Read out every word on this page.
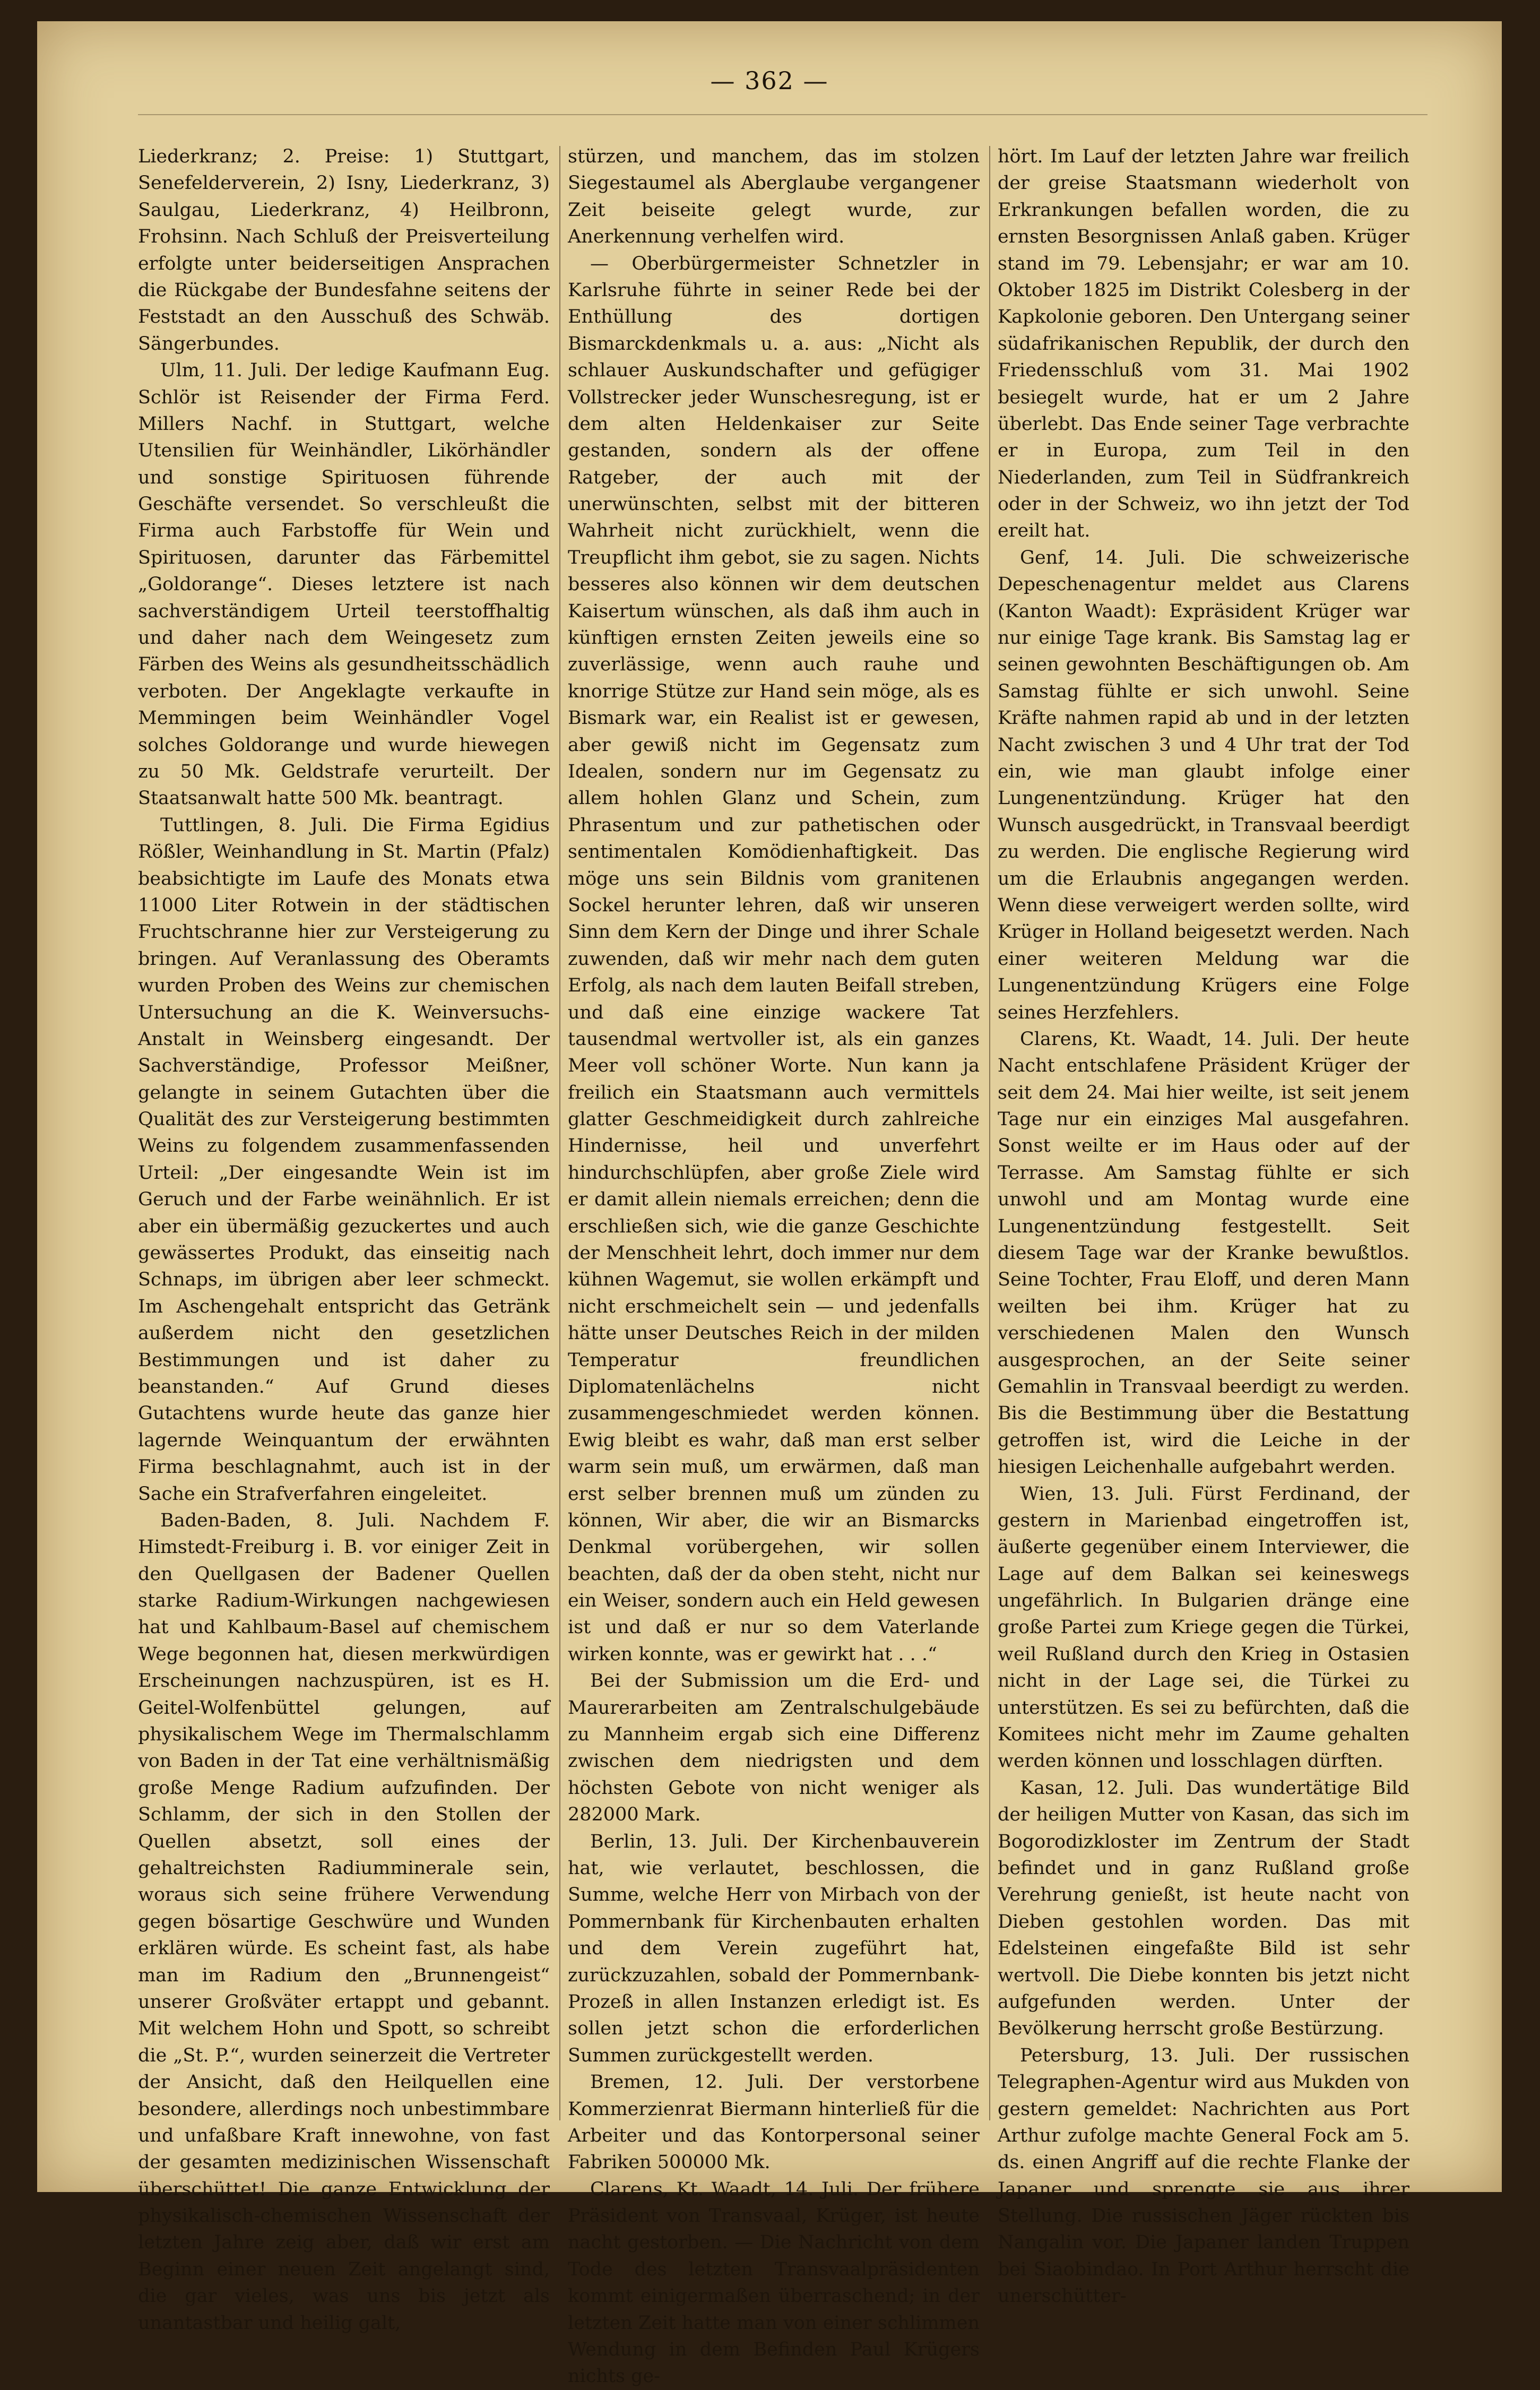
— 362 —

Liederkranz; 2. Preise: 1) Stuttgart, Senefelderverein, 2) Isny, Liederkranz, 3) Saulgau, Liederkranz, 4) Heilbronn, Frohsinn. Nach Schluß der Preisverteilung erfolgte unter beiderseitigen Ansprachen die Rückgabe der Bundesfahne seitens der Feststadt an den Ausschuß des Schwäb. Sängerbundes.

Ulm, 11. Juli. Der ledige Kaufmann Eug. Schlör ist Reisender der Firma Ferd. Millers Nachf. in Stuttgart, welche Utensilien für Weinhändler, Likörhändler und sonstige Spirituosen führende Geschäfte versendet. So verschleußt die Firma auch Farbstoffe für Wein und Spirituosen, darunter das Färbemittel „Goldorange“. Dieses letztere ist nach sachverständigem Urteil teerstoffhaltig und daher nach dem Weingesetz zum Färben des Weins als gesundheitsschädlich verboten. Der Angeklagte verkaufte in Memmingen beim Weinhändler Vogel solches Goldorange und wurde hiewegen zu 50 Mk. Geldstrafe verurteilt. Der Staatsanwalt hatte 500 Mk. beantragt.

Tuttlingen, 8. Juli. Die Firma Egidius Rößler, Weinhandlung in St. Martin (Pfalz) beabsichtigte im Laufe des Monats etwa 11000 Liter Rotwein in der städtischen Fruchtschranne hier zur Versteigerung zu bringen. Auf Veranlassung des Oberamts wurden Proben des Weins zur chemischen Untersuchung an die K. Weinversuchs-Anstalt in Weinsberg eingesandt. Der Sachverständige, Professor Meißner, gelangte in seinem Gutachten über die Qualität des zur Versteigerung bestimmten Weins zu folgendem zusammenfassenden Urteil: „Der eingesandte Wein ist im Geruch und der Farbe weinähnlich. Er ist aber ein übermäßig gezuckertes und auch gewässertes Produkt, das einseitig nach Schnaps, im übrigen aber leer schmeckt. Im Aschengehalt entspricht das Getränk außerdem nicht den gesetzlichen Bestimmungen und ist daher zu beanstanden.“ Auf Grund dieses Gutachtens wurde heute das ganze hier lagernde Weinquantum der erwähnten Firma beschlagnahmt, auch ist in der Sache ein Strafverfahren eingeleitet.

Baden-Baden, 8. Juli. Nachdem F. Himstedt-Freiburg i. B. vor einiger Zeit in den Quellgasen der Badener Quellen starke Radium-Wirkungen nachgewiesen hat und Kahlbaum-Basel auf chemischem Wege begonnen hat, diesen merkwürdigen Erscheinungen nachzuspüren, ist es H. Geitel-Wolfenbüttel gelungen, auf physikalischem Wege im Thermalschlamm von Baden in der Tat eine verhältnismäßig große Menge Radium aufzufinden. Der Schlamm, der sich in den Stollen der Quellen absetzt, soll eines der gehaltreichsten Radiumminerale sein, woraus sich seine frühere Verwendung gegen bösartige Geschwüre und Wunden erklären würde. Es scheint fast, als habe man im Radium den „Brunnengeist“ unserer Großväter ertappt und gebannt. Mit welchem Hohn und Spott, so schreibt die „St. P.“, wurden seinerzeit die Vertreter der Ansicht, daß den Heilquellen eine besondere, allerdings noch unbestimmbare und unfaßbare Kraft innewohne, von fast der gesamten medizinischen Wissenschaft überschüttet! Die ganze Entwicklung der physikalisch-chemischen Wissenschaft der letzten Jahre zeig aber, daß wir erst am Beginn einer neuen Zeit angelangt sind, die gar vieles, was uns bis jetzt als unantastbar und heilig galt,

stürzen, und manchem, das im stolzen Siegestaumel als Aberglaube vergangener Zeit beiseite gelegt wurde, zur Anerkennung verhelfen wird.

— Oberbürgermeister Schnetzler in Karlsruhe führte in seiner Rede bei der Enthüllung des dortigen Bismarckdenkmals u. a. aus: „Nicht als schlauer Auskundschafter und gefügiger Vollstrecker jeder Wunschesregung, ist er dem alten Heldenkaiser zur Seite gestanden, sondern als der offene Ratgeber, der auch mit der unerwünschten, selbst mit der bitteren Wahrheit nicht zurückhielt, wenn die Treupflicht ihm gebot, sie zu sagen. Nichts besseres also können wir dem deutschen Kaisertum wünschen, als daß ihm auch in künftigen ernsten Zeiten jeweils eine so zuverlässige, wenn auch rauhe und knorrige Stütze zur Hand sein möge, als es Bismark war, ein Realist ist er gewesen, aber gewiß nicht im Gegensatz zum Idealen, sondern nur im Gegensatz zu allem hohlen Glanz und Schein, zum Phrasentum und zur pathetischen oder sentimentalen Komödienhaftigkeit. Das möge uns sein Bildnis vom granitenen Sockel herunter lehren, daß wir unseren Sinn dem Kern der Dinge und ihrer Schale zuwenden, daß wir mehr nach dem guten Erfolg, als nach dem lauten Beifall streben, und daß eine einzige wackere Tat tausendmal wertvoller ist, als ein ganzes Meer voll schöner Worte. Nun kann ja freilich ein Staatsmann auch vermittels glatter Geschmeidigkeit durch zahlreiche Hindernisse, heil und unverfehrt hindurchschlüpfen, aber große Ziele wird er damit allein niemals erreichen; denn die erschließen sich, wie die ganze Geschichte der Menschheit lehrt, doch immer nur dem kühnen Wagemut, sie wollen erkämpft und nicht erschmeichelt sein — und jedenfalls hätte unser Deutsches Reich in der milden Temperatur freundlichen Diplomatenlächelns nicht zusammengeschmiedet werden können. Ewig bleibt es wahr, daß man erst selber warm sein muß, um erwärmen, daß man erst selber brennen muß um zünden zu können, Wir aber, die wir an Bismarcks Denkmal vorübergehen, wir sollen beachten, daß der da oben steht, nicht nur ein Weiser, sondern auch ein Held gewesen ist und daß er nur so dem Vaterlande wirken konnte, was er gewirkt hat . . .“

Bei der Submission um die Erd- und Maurerarbeiten am Zentralschulgebäude zu Mannheim ergab sich eine Differenz zwischen dem niedrigsten und dem höchsten Gebote von nicht weniger als 282000 Mark.

Berlin, 13. Juli. Der Kirchenbauverein hat, wie verlautet, beschlossen, die Summe, welche Herr von Mirbach von der Pommernbank für Kirchenbauten erhalten und dem Verein zugeführt hat, zurückzuzahlen, sobald der Pommernbank-Prozeß in allen Instanzen erledigt ist. Es sollen jetzt schon die erforderlichen Summen zurückgestellt werden.

Bremen, 12. Juli. Der verstorbene Kommerzienrat Biermann hinterließ für die Arbeiter und das Kontorpersonal seiner Fabriken 500000 Mk.

Clarens, Kt. Waadt, 14. Juli. Der frühere Präsident von Transvaal, Krüger, ist heute nacht gestorben. — Die Nachricht von dem Tode des letzten Transvaalpräsidenten kommt einigermaßen überraschend; in der letzten Zeit hatte man von einer schlimmen Wendung in dem Befinden Paul Krügers nichts ge-

hört. Im Lauf der letzten Jahre war freilich der greise Staatsmann wiederholt von Erkrankungen befallen worden, die zu ernsten Besorgnissen Anlaß gaben. Krüger stand im 79. Lebensjahr; er war am 10. Oktober 1825 im Distrikt Colesberg in der Kapkolonie geboren. Den Untergang seiner südafrikanischen Republik, der durch den Friedensschluß vom 31. Mai 1902 besiegelt wurde, hat er um 2 Jahre überlebt. Das Ende seiner Tage verbrachte er in Europa, zum Teil in den Niederlanden, zum Teil in Südfrankreich oder in der Schweiz, wo ihn jetzt der Tod ereilt hat.

Genf, 14. Juli. Die schweizerische Depeschenagentur meldet aus Clarens (Kanton Waadt): Expräsident Krüger war nur einige Tage krank. Bis Samstag lag er seinen gewohnten Beschäftigungen ob. Am Samstag fühlte er sich unwohl. Seine Kräfte nahmen rapid ab und in der letzten Nacht zwischen 3 und 4 Uhr trat der Tod ein, wie man glaubt infolge einer Lungenentzündung. Krüger hat den Wunsch ausgedrückt, in Transvaal beerdigt zu werden. Die englische Regierung wird um die Erlaubnis angegangen werden. Wenn diese verweigert werden sollte, wird Krüger in Holland beigesetzt werden. Nach einer weiteren Meldung war die Lungenentzündung Krügers eine Folge seines Herzfehlers.

Clarens, Kt. Waadt, 14. Juli. Der heute Nacht entschlafene Präsident Krüger der seit dem 24. Mai hier weilte, ist seit jenem Tage nur ein einziges Mal ausgefahren. Sonst weilte er im Haus oder auf der Terrasse. Am Samstag fühlte er sich unwohl und am Montag wurde eine Lungenentzündung festgestellt. Seit diesem Tage war der Kranke bewußtlos. Seine Tochter, Frau Eloff, und deren Mann weilten bei ihm. Krüger hat zu verschiedenen Malen den Wunsch ausgesprochen, an der Seite seiner Gemahlin in Transvaal beerdigt zu werden. Bis die Bestimmung über die Bestattung getroffen ist, wird die Leiche in der hiesigen Leichenhalle aufgebahrt werden.

Wien, 13. Juli. Fürst Ferdinand, der gestern in Marienbad eingetroffen ist, äußerte gegenüber einem Interviewer, die Lage auf dem Balkan sei keineswegs ungefährlich. In Bulgarien dränge eine große Partei zum Kriege gegen die Türkei, weil Rußland durch den Krieg in Ostasien nicht in der Lage sei, die Türkei zu unterstützen. Es sei zu befürchten, daß die Komitees nicht mehr im Zaume gehalten werden können und losschlagen dürften.

Kasan, 12. Juli. Das wundertätige Bild der heiligen Mutter von Kasan, das sich im Bogorodizkloster im Zentrum der Stadt befindet und in ganz Rußland große Verehrung genießt, ist heute nacht von Dieben gestohlen worden. Das mit Edelsteinen eingefaßte Bild ist sehr wertvoll. Die Diebe konnten bis jetzt nicht aufgefunden werden. Unter der Bevölkerung herrscht große Bestürzung.

Petersburg, 13. Juli. Der russischen Telegraphen-Agentur wird aus Mukden von gestern gemeldet: Nachrichten aus Port Arthur zufolge machte General Fock am 5. ds. einen Angriff auf die rechte Flanke der Japaner und sprengte sie aus ihrer Stellung. Die russischen Jäger rückten bis Nangalin vor. Die Japaner landen Truppen bei Siaobindao. In Port Arthur herrscht die unerschütter-
